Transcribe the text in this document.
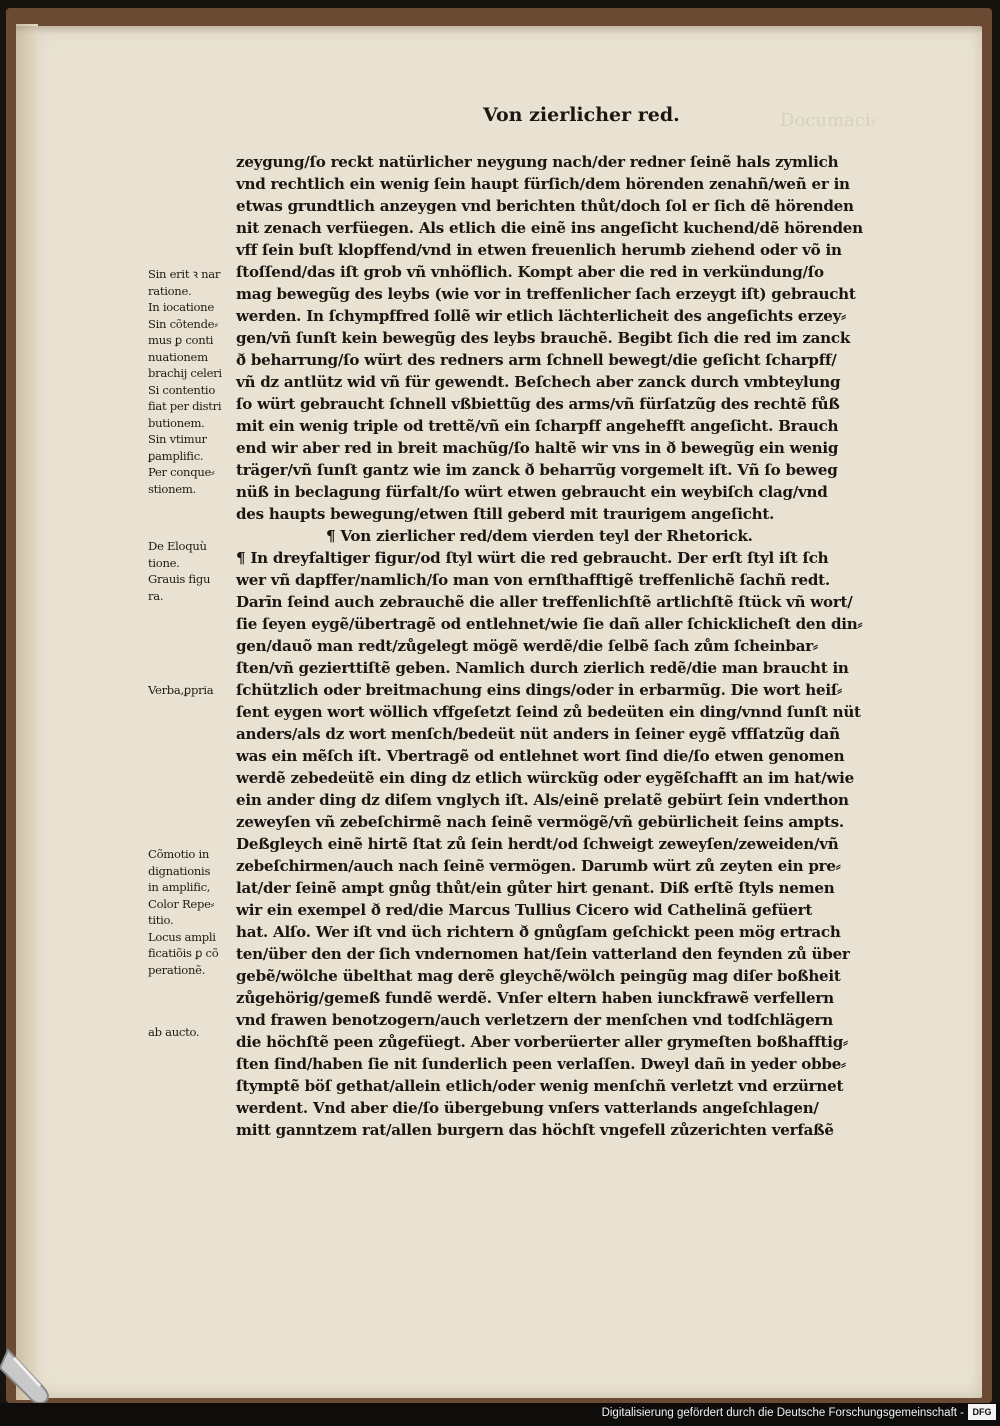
Documaci⸗
Von zierlicher red.
Sin erit ꝛ nar
ratione.
In iocatione
Sin cõtende⸗
mus ꝑ conti
nuationem
brachij celeri
Si contentio
fiat per distri
butionem.
Sin vtimur
ꝑamplific.
Per conque⸗
stionem.
De Eloquù
tione.
Grauis figu
ra.
Verba,ꝑpria
Cõmotio in
dignationis
in amplific,
Color Repe⸗
titio.
Locus ampli
ficatiõis ꝑ cõ
perationẽ.
ab aucto.
zeygung/ſo reckt natürlicher neygung nach/der redner ſeinẽ hals zymlich
vnd rechtlich ein wenig ſein haupt fürſich/dem hörenden zenahñ/weñ er in
etwas grundtlich anzeygen vnd berichten thůt/doch ſol er ſich dẽ hörenden
nit zenach verfüegen. Als etlich die einẽ ins angeſicht kuchend/dẽ hörenden
vff ſein buſt klopffend/vnd in etwen freuenlich herumb ziehend oder võ in
ſtoſſend/das iſt grob vñ vnhöflich. Kompt aber die red in verkündung/ſo
mag bewegũg des leybs (wie vor in treffenlicher ſach erzeygt iſt) gebraucht
werden. In ſchympffred ſollẽ wir etlich lächterlicheit des angeſichts erzey⸗
gen/vñ ſunſt kein bewegũg des leybs brauchẽ. Begibt ſich die red im zanck
ð beharrung/ſo würt des redners arm ſchnell bewegt/die geſicht ſcharpff/
vñ dz antlütz wid vñ für gewendt. Beſchech aber zanck durch vmbteylung
ſo würt gebraucht ſchnell vßbiettũg des arms/vñ fürſatzũg des rechtẽ fůß
mit ein wenig triple od trettẽ/vñ ein ſcharpff angehefft angeſicht. Brauch
end wir aber red in breit machũg/ſo haltẽ wir vns in ð bewegũg ein wenig
träger/vñ ſunſt gantz wie im zanck ð beharrũg vorgemelt iſt. Vñ ſo beweg
nüß in beclagung fürfalt/ſo würt etwen gebraucht ein weybiſch clag/vnd
des haupts bewegung/etwen ſtill geberd mit traurigem angeſicht.
¶ Von zierlicher red/dem vierden teyl der Rhetorick.
¶ In dreyfaltiger figur/od ſtyl würt die red gebraucht. Der erſt ſtyl iſt ſch
wer vñ dapffer/namlich/ſo man von ernſthafftigẽ treffenlichẽ ſachñ redt.
Darīn ſeind auch zebrauchẽ die aller treffenlichſtẽ artlichſtẽ ſtück vñ wort/
ſie ſeyen eygẽ/übertragẽ od entlehnet/wie ſie dañ aller ſchicklicheſt den din⸗
gen/dauõ man redt/zůgelegt mögẽ werdẽ/die ſelbẽ ſach zům ſcheinbar⸗
ſten/vñ gezierttiſtẽ geben. Namlich durch zierlich redẽ/die man braucht in
ſchützlich oder breitmachung eins dings/oder in erbarmũg. Die wort heiſ⸗
ſent eygen wort wöllich vffgeſetzt ſeind zů bedeüten ein ding/vnnd ſunſt nüt
anders/als dz wort menſch/bedeüt nüt anders in ſeiner eygẽ vffſatzũg dañ
was ein mẽſch iſt. Vbertragẽ od entlehnet wort ſind die/ſo etwen genomen
werdẽ zebedeütẽ ein ding dz etlich würckũg oder eygẽſchafft an im hat/wie
ein ander ding dz diſem vnglych iſt. Als/einẽ prelatẽ gebürt ſein vnderthon
zeweyſen vñ zebeſchirmẽ nach ſeinẽ vermögẽ/vñ gebürlicheit ſeins ampts.
Deßgleych einẽ hirtẽ ſtat zů ſein herdt/od ſchweigt zeweyſen/zeweiden/vñ
zebeſchirmen/auch nach ſeinẽ vermögen. Darumb würt zů zeyten ein pre⸗
lat/der ſeinẽ ampt gnůg thůt/ein gůter hirt genant. Diß erſtẽ ſtyls nemen
wir ein exempel ð red/die Marcus Tullius Cicero wid Cathelinã gefüert
hat. Alſo. Wer iſt vnd üch richtern ð gnůgſam geſchickt peen mög ertrach
ten/über den der ſich vndernomen hat/ſein vatterland den feynden zů über
gebẽ/wölche übelthat mag derẽ gleychẽ/wölch peingũg mag diſer boßheit
zůgehörig/gemeß fundẽ werdẽ. Vnſer eltern haben iunckfrawẽ verfellern
vnd frawen benotzogern/auch verletzern der menſchen vnd todſchlägern
die höchſtẽ peen zůgefüegt. Aber vorberüerter aller grymeſten boßhafftig⸗
ſten ſind/haben ſie nit ſunderlich peen verlaſſen. Dweyl dañ in yeder obbe⸗
ſtymptẽ böſ gethat/allein etlich/oder wenig menſchñ verletzt vnd erzürnet
werdent. Vnd aber die/ſo übergebung vnſers vatterlands angeſchlagen/
mitt ganntzem rat/allen burgern das höchſt vngefell zůzerichten verfaßẽ
Digitalisierung gefördert durch die Deutsche Forschungsgemeinschaft - DFG
